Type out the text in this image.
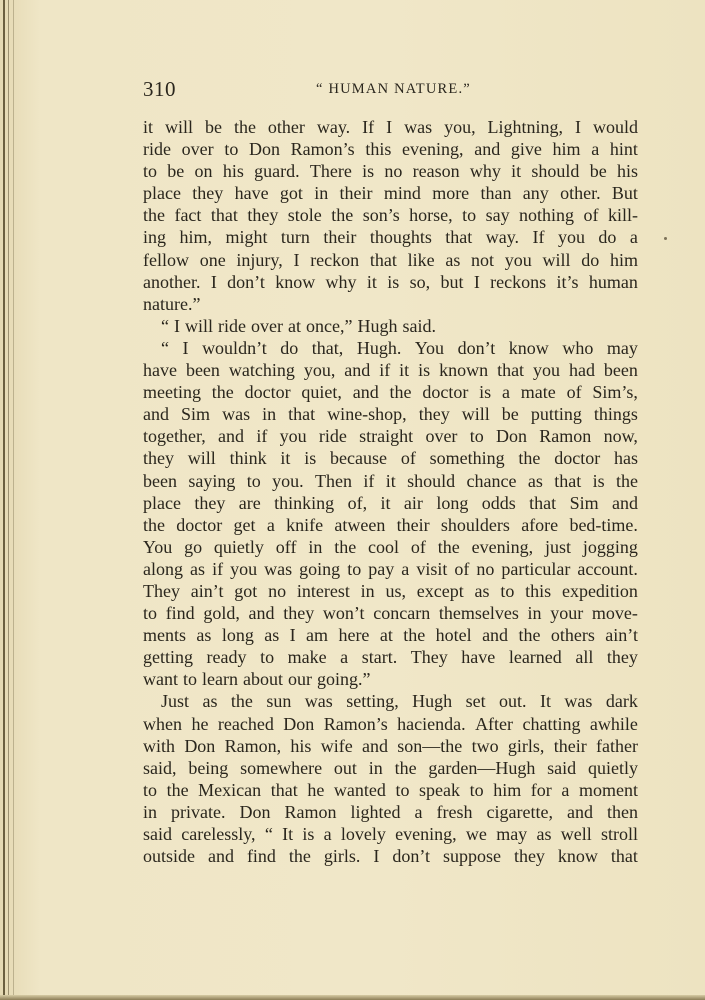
310	“ HUMAN NATURE.”
it will be the other way. If I was you, Lightning, I would
ride over to Don Ramon’s this evening, and give him a hint
to be on his guard. There is no reason why it should be his
place they have got in their mind more than any other. But
the fact that they stole the son’s horse, to say nothing of kill-
ing him, might turn their thoughts that way. If you do a
fellow one injury, I reckon that like as not you will do him
another. I don’t know why it is so, but I reckons it’s human
nature.”
“ I will ride over at once,” Hugh said.
“ I wouldn’t do that, Hugh. You don’t know who may
have been watching you, and if it is known that you had been
meeting the doctor quiet, and the doctor is a mate of Sim’s,
and Sim was in that wine-shop, they will be putting things
together, and if you ride straight over to Don Ramon now,
they will think it is because of something the doctor has
been saying to you. Then if it should chance as that is the
place they are thinking of, it air long odds that Sim and
the doctor get a knife atween their shoulders afore bed-time.
You go quietly off in the cool of the evening, just jogging
along as if you was going to pay a visit of no particular account.
They ain’t got no interest in us, except as to this expedition
to find gold, and they won’t concarn themselves in your move-
ments as long as I am here at the hotel and the others ain’t
getting ready to make a start. They have learned all they
want to learn about our going.”
Just as the sun was setting, Hugh set out. It was dark
when he reached Don Ramon’s hacienda. After chatting awhile
with Don Ramon, his wife and son—the two girls, their father
said, being somewhere out in the garden—Hugh said quietly
to the Mexican that he wanted to speak to him for a moment
in private. Don Ramon lighted a fresh cigarette, and then
said carelessly, “ It is a lovely evening, we may as well stroll
outside and find the girls. I don’t suppose they know that
